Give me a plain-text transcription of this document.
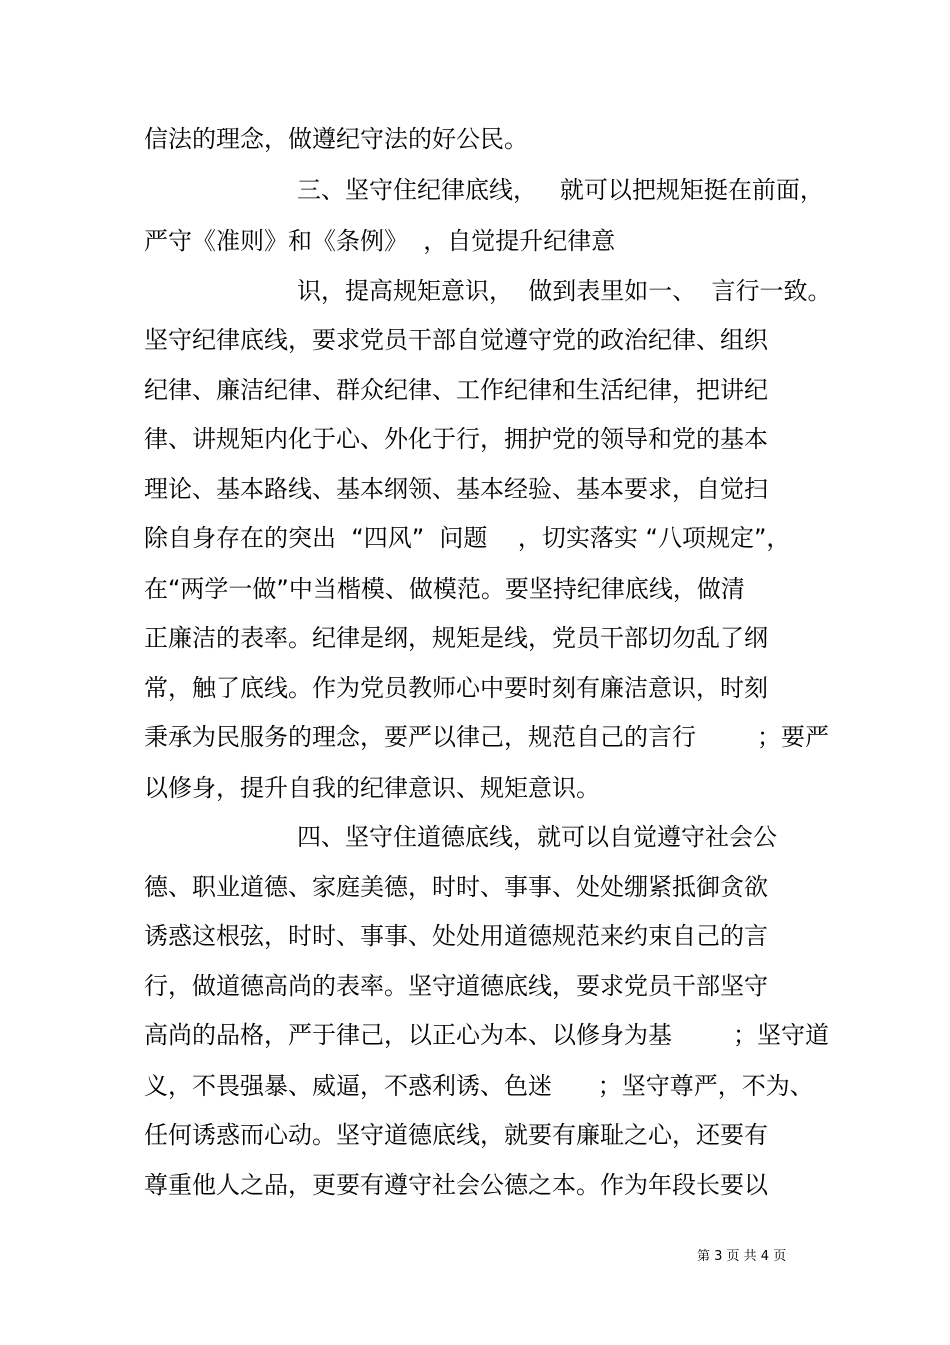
信法的理念，做遵纪守法的好公民。
三、坚守住纪律底线，   就可以把规矩挺在前面，
严守《准则》和《条例》  ，自觉提升纪律意
识，提高规矩意识，  做到表里如一、  言行一致。
坚守纪律底线，要求党员干部自觉遵守党的政治纪律、组织
纪律、廉洁纪律、群众纪律、工作纪律和生活纪律，把讲纪
律、讲规矩内化于心、外化于行，拥护党的领导和党的基本
理论、基本路线、基本纲领、基本经验、基本要求，自觉扫
除自身存在的突出  “四风”  问题    ，切实落实 “八项规定”，
在“两学一做”中当楷模、做模范。要坚持纪律底线，做清
正廉洁的表率。纪律是纲，规矩是线，党员干部切勿乱了纲
常，触了底线。作为党员教师心中要时刻有廉洁意识，时刻
秉承为民服务的理念，要严以律己，规范自己的言行        ；要严
以修身，提升自我的纪律意识、规矩意识。
四、坚守住道德底线，就可以自觉遵守社会公
德、职业道德、家庭美德，时时、事事、处处绷紧抵御贪欲
诱惑这根弦，时时、事事、处处用道德规范来约束自己的言
行，做道德高尚的表率。坚守道德底线，要求党员干部坚守
高尚的品格，严于律己，以正心为本、以修身为基        ；坚守道
义，不畏强暴、威逼，不惑利诱、色迷      ；坚守尊严，不为、
任何诱惑而心动。坚守道德底线，就要有廉耻之心，还要有
尊重他人之品，更要有遵守社会公德之本。作为年段长要以
第 3 页 共 4 页
